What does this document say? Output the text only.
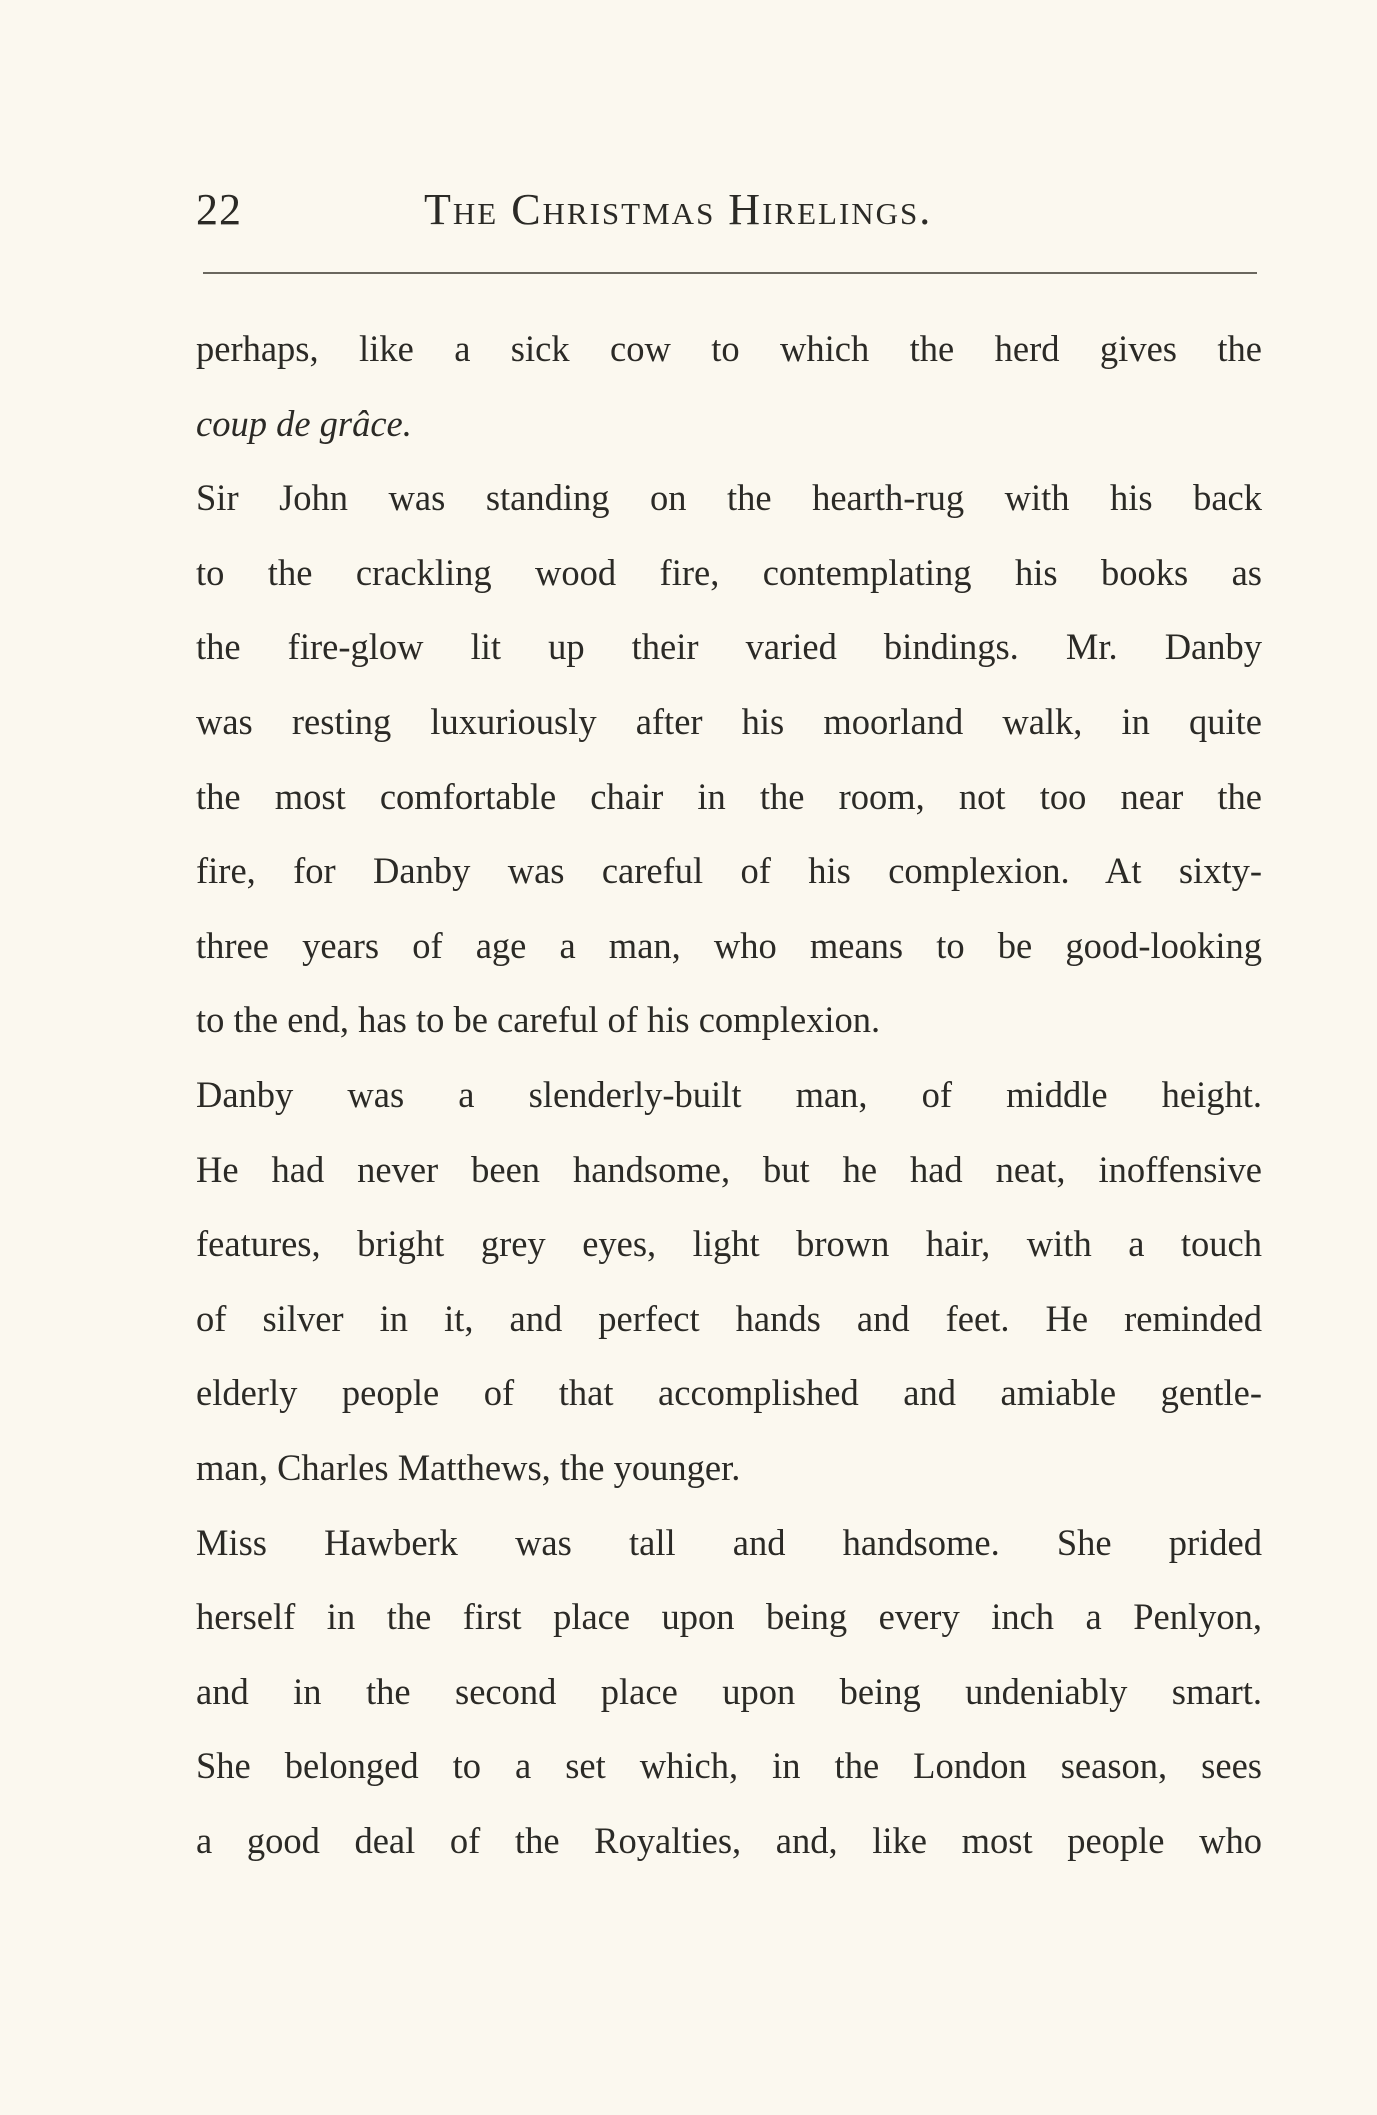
22	The Christmas Hirelings.
perhaps, like a sick cow to which the herd gives the
coup de grâce.
Sir John was standing on the hearth-rug with his back
to the crackling wood fire, contemplating his books as
the fire-glow lit up their varied bindings. Mr. Danby
was resting luxuriously after his moorland walk, in quite
the most comfortable chair in the room, not too near the
fire, for Danby was careful of his complexion. At sixty-
three years of age a man, who means to be good-looking
to the end, has to be careful of his complexion.
Danby was a slenderly-built man, of middle height.
He had never been handsome, but he had neat, inoffensive
features, bright grey eyes, light brown hair, with a touch
of silver in it, and perfect hands and feet. He reminded
elderly people of that accomplished and amiable gentle-
man, Charles Matthews, the younger.
Miss Hawberk was tall and handsome. She prided
herself in the first place upon being every inch a Penlyon,
and in the second place upon being undeniably smart.
She belonged to a set which, in the London season, sees
a good deal of the Royalties, and, like most people who
